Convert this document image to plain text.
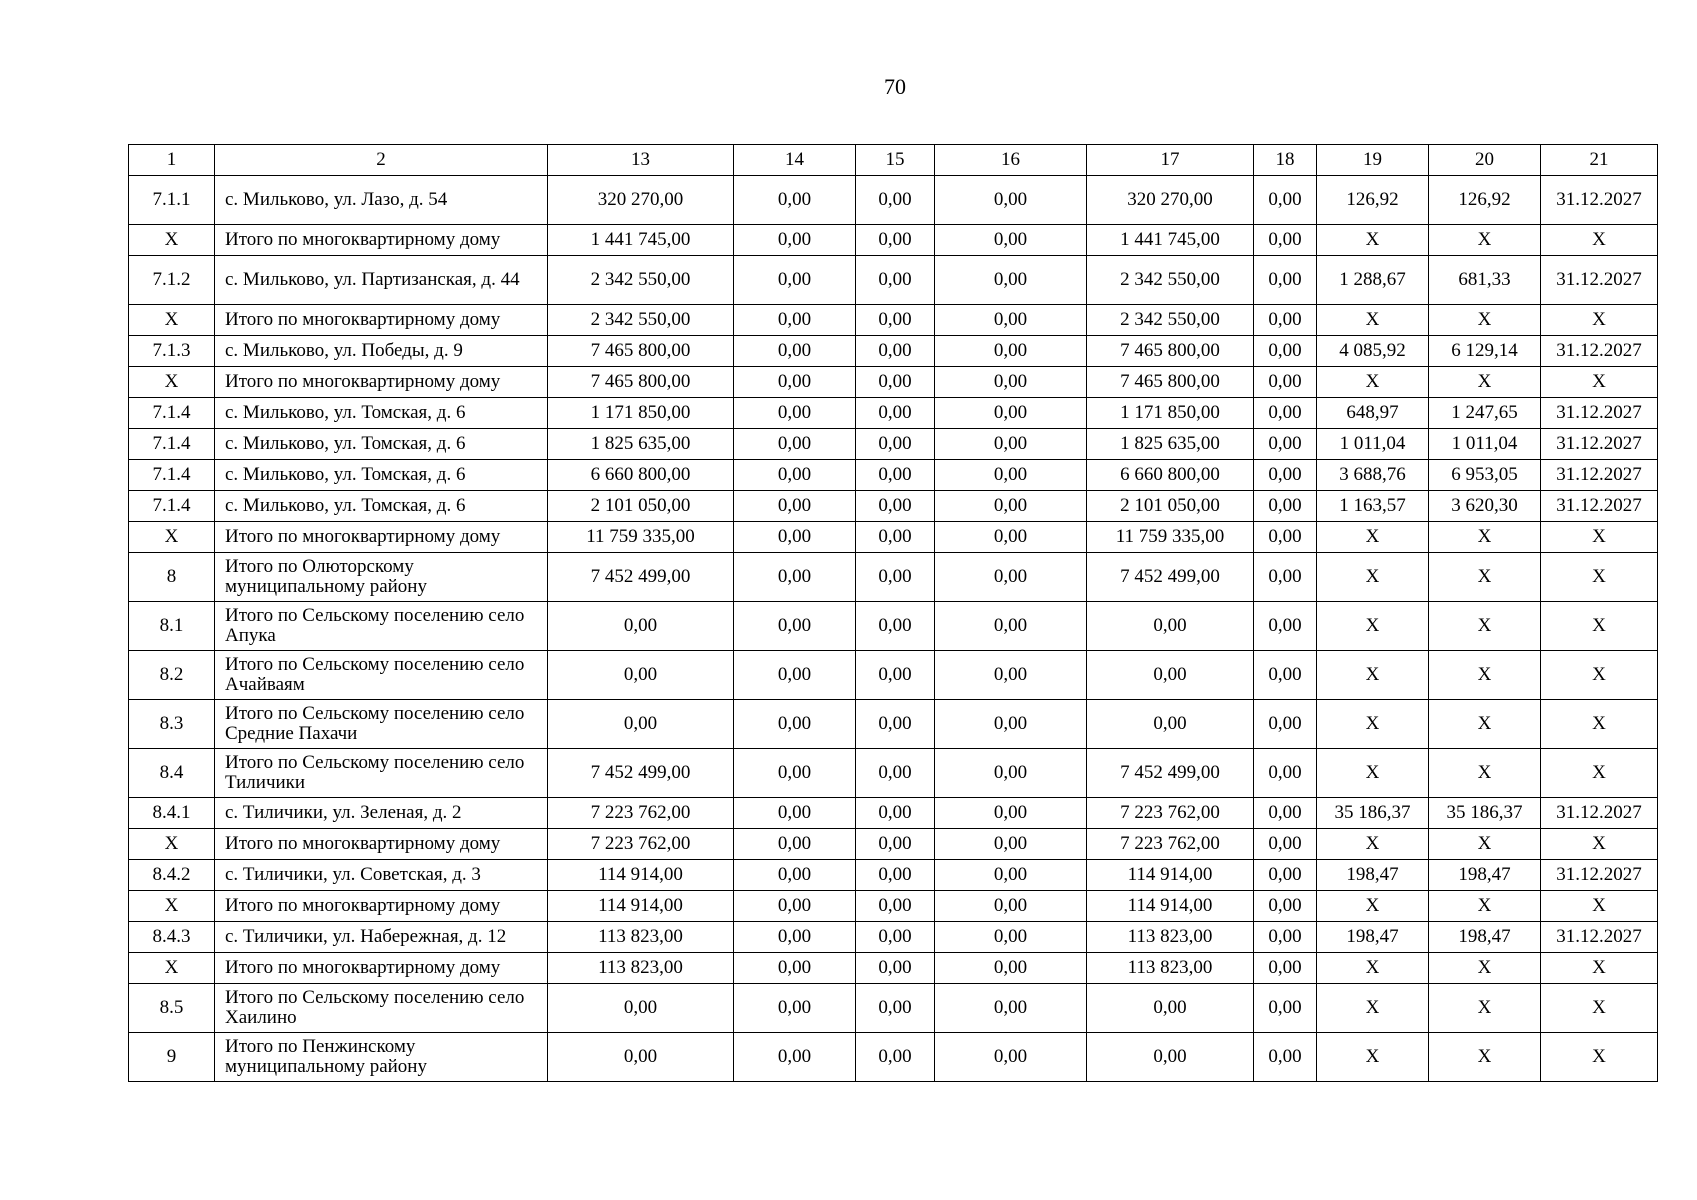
70
1	2	13	14	15	16	17	18	19	20	21
7.1.1	с. Мильково, ул. Лазо, д. 54	320 270,00	0,00	0,00	0,00	320 270,00	0,00	126,92	126,92	31.12.2027
X	Итого по многоквартирному дому	1 441 745,00	0,00	0,00	0,00	1 441 745,00	0,00	X	X	X
7.1.2	с. Мильково, ул. Партизанская, д. 44	2 342 550,00	0,00	0,00	0,00	2 342 550,00	0,00	1 288,67	681,33	31.12.2027
X	Итого по многоквартирному дому	2 342 550,00	0,00	0,00	0,00	2 342 550,00	0,00	X	X	X
7.1.3	с. Мильково, ул. Победы, д. 9	7 465 800,00	0,00	0,00	0,00	7 465 800,00	0,00	4 085,92	6 129,14	31.12.2027
X	Итого по многоквартирному дому	7 465 800,00	0,00	0,00	0,00	7 465 800,00	0,00	X	X	X
7.1.4	с. Мильково, ул. Томская, д. 6	1 171 850,00	0,00	0,00	0,00	1 171 850,00	0,00	648,97	1 247,65	31.12.2027
7.1.4	с. Мильково, ул. Томская, д. 6	1 825 635,00	0,00	0,00	0,00	1 825 635,00	0,00	1 011,04	1 011,04	31.12.2027
7.1.4	с. Мильково, ул. Томская, д. 6	6 660 800,00	0,00	0,00	0,00	6 660 800,00	0,00	3 688,76	6 953,05	31.12.2027
7.1.4	с. Мильково, ул. Томская, д. 6	2 101 050,00	0,00	0,00	0,00	2 101 050,00	0,00	1 163,57	3 620,30	31.12.2027
X	Итого по многоквартирному дому	11 759 335,00	0,00	0,00	0,00	11 759 335,00	0,00	X	X	X
8	Итого по Олюторскому муниципальному району	7 452 499,00	0,00	0,00	0,00	7 452 499,00	0,00	X	X	X
8.1	Итого по Сельскому поселению село Апука	0,00	0,00	0,00	0,00	0,00	0,00	X	X	X
8.2	Итого по Сельскому поселению село Ачайваям	0,00	0,00	0,00	0,00	0,00	0,00	X	X	X
8.3	Итого по Сельскому поселению село Средние Пахачи	0,00	0,00	0,00	0,00	0,00	0,00	X	X	X
8.4	Итого по Сельскому поселению село Тиличики	7 452 499,00	0,00	0,00	0,00	7 452 499,00	0,00	X	X	X
8.4.1	с. Тиличики, ул. Зеленая, д. 2	7 223 762,00	0,00	0,00	0,00	7 223 762,00	0,00	35 186,37	35 186,37	31.12.2027
X	Итого по многоквартирному дому	7 223 762,00	0,00	0,00	0,00	7 223 762,00	0,00	X	X	X
8.4.2	с. Тиличики, ул. Советская, д. 3	114 914,00	0,00	0,00	0,00	114 914,00	0,00	198,47	198,47	31.12.2027
X	Итого по многоквартирному дому	114 914,00	0,00	0,00	0,00	114 914,00	0,00	X	X	X
8.4.3	с. Тиличики, ул. Набережная, д. 12	113 823,00	0,00	0,00	0,00	113 823,00	0,00	198,47	198,47	31.12.2027
X	Итого по многоквартирному дому	113 823,00	0,00	0,00	0,00	113 823,00	0,00	X	X	X
8.5	Итого по Сельскому поселению село Хаилино	0,00	0,00	0,00	0,00	0,00	0,00	X	X	X
9	Итого по Пенжинскому муниципальному району	0,00	0,00	0,00	0,00	0,00	0,00	X	X	X
